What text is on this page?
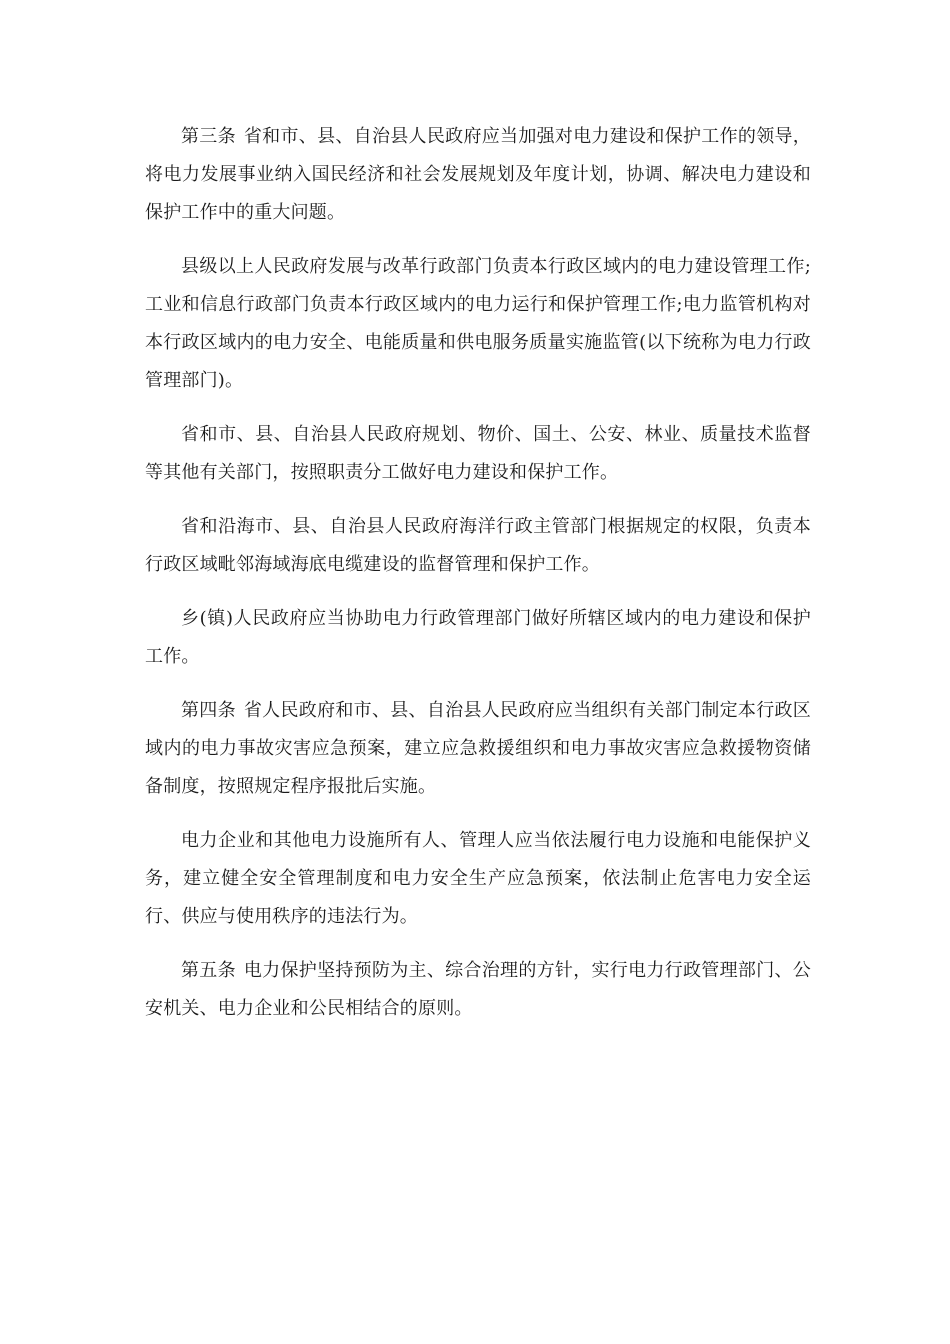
第三条 省和市、县、自治县人民政府应当加强对电力建设和保护工作的领导，将电力发展事业纳入国民经济和社会发展规划及年度计划，协调、解决电力建设和保护工作中的重大问题。

县级以上人民政府发展与改革行政部门负责本行政区域内的电力建设管理工作;工业和信息行政部门负责本行政区域内的电力运行和保护管理工作;电力监管机构对本行政区域内的电力安全、电能质量和供电服务质量实施监管(以下统称为电力行政管理部门)。

省和市、县、自治县人民政府规划、物价、国土、公安、林业、质量技术监督等其他有关部门，按照职责分工做好电力建设和保护工作。

省和沿海市、县、自治县人民政府海洋行政主管部门根据规定的权限，负责本行政区域毗邻海域海底电缆建设的监督管理和保护工作。

乡(镇)人民政府应当协助电力行政管理部门做好所辖区域内的电力建设和保护工作。

第四条 省人民政府和市、县、自治县人民政府应当组织有关部门制定本行政区域内的电力事故灾害应急预案，建立应急救援组织和电力事故灾害应急救援物资储备制度，按照规定程序报批后实施。

电力企业和其他电力设施所有人、管理人应当依法履行电力设施和电能保护义务，建立健全安全管理制度和电力安全生产应急预案，依法制止危害电力安全运行、供应与使用秩序的违法行为。

第五条 电力保护坚持预防为主、综合治理的方针，实行电力行政管理部门、公安机关、电力企业和公民相结合的原则。
